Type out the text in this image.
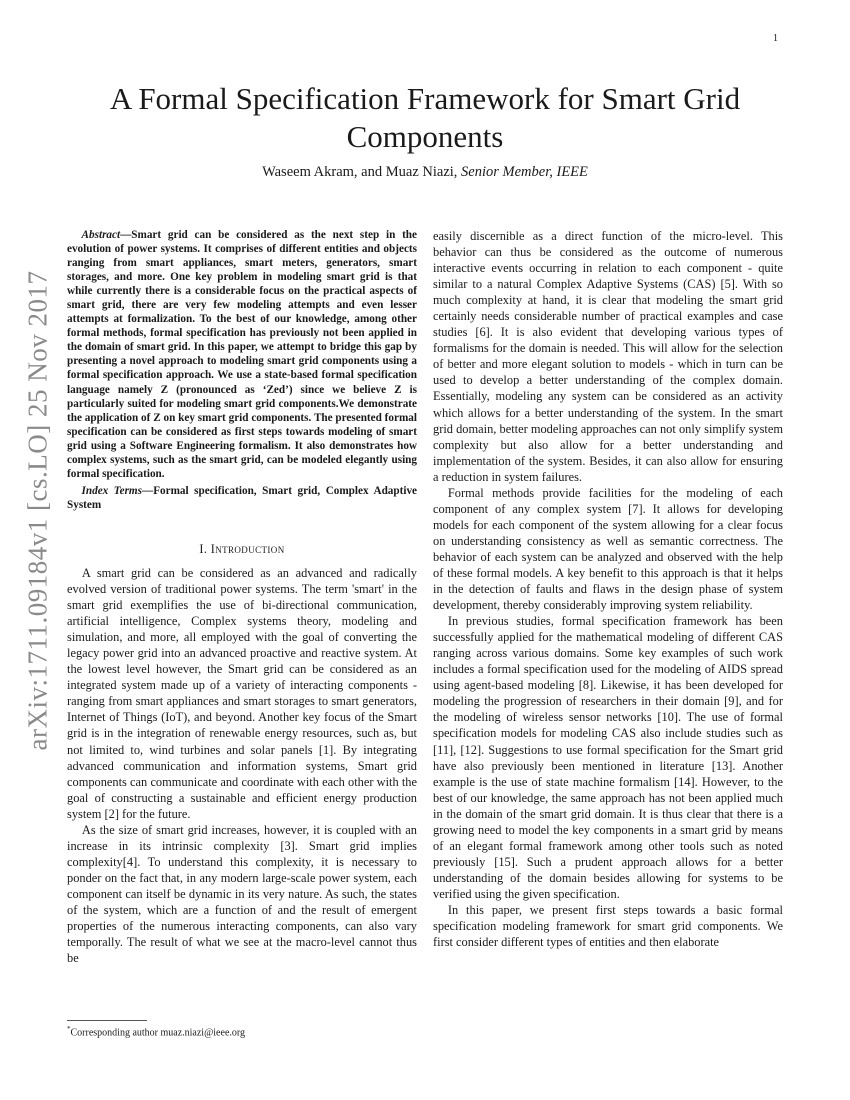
1
arXiv:1711.09184v1 [cs.LO] 25 Nov 2017
A Formal Specification Framework for Smart Grid Components
Waseem Akram, and Muaz Niazi, Senior Member, IEEE

Abstract—Smart grid can be considered as the next step in the evolution of power systems. It comprises of different entities and objects ranging from smart appliances, smart meters, generators, smart storages, and more. One key problem in modeling smart grid is that while currently there is a considerable focus on the practical aspects of smart grid, there are very few modeling attempts and even lesser attempts at formalization. To the best of our knowledge, among other formal methods, formal specification has previously not been applied in the domain of smart grid. In this paper, we attempt to bridge this gap by presenting a novel approach to modeling smart grid components using a formal specification approach. We use a state-based formal specification language namely Z (pronounced as ‘Zed’) since we believe Z is particularly suited for modeling smart grid components.We demonstrate the application of Z on key smart grid components. The presented formal specification can be considered as first steps towards modeling of smart grid using a Software Engineering formalism. It also demonstrates how complex systems, such as the smart grid, can be modeled elegantly using formal specification.

Index Terms—Formal specification, Smart grid, Complex Adaptive System

I. Introduction

A smart grid can be considered as an advanced and radically evolved version of traditional power systems. The term 'smart' in the smart grid exemplifies the use of bi-directional communication, artificial intelligence, Complex systems theory, modeling and simulation, and more, all employed with the goal of converting the legacy power grid into an advanced proactive and reactive system. At the lowest level however, the Smart grid can be considered as an integrated system made up of a variety of interacting components - ranging from smart appliances and smart storages to smart generators, Internet of Things (IoT), and beyond. Another key focus of the Smart grid is in the integration of renewable energy resources, such as, but not limited to, wind turbines and solar panels [1]. By integrating advanced communication and information systems, Smart grid components can communicate and coordinate with each other with the goal of constructing a sustainable and efficient energy production system [2] for the future.

As the size of smart grid increases, however, it is coupled with an increase in its intrinsic complexity [3]. Smart grid implies complexity[4]. To understand this complexity, it is necessary to ponder on the fact that, in any modern large-scale power system, each component can itself be dynamic in its very nature. As such, the states of the system, which are a function of and the result of emergent properties of the numerous interacting components, can also vary temporally. The result of what we see at the macro-level cannot thus be

easily discernible as a direct function of the micro-level. This behavior can thus be considered as the outcome of numerous interactive events occurring in relation to each component - quite similar to a natural Complex Adaptive Systems (CAS) [5]. With so much complexity at hand, it is clear that modeling the smart grid certainly needs considerable number of practical examples and case studies [6]. It is also evident that developing various types of formalisms for the domain is needed. This will allow for the selection of better and more elegant solution to models - which in turn can be used to develop a better understanding of the complex domain. Essentially, modeling any system can be considered as an activity which allows for a better understanding of the system. In the smart grid domain, better modeling approaches can not only simplify system complexity but also allow for a better understanding and implementation of the system. Besides, it can also allow for ensuring a reduction in system failures.

Formal methods provide facilities for the modeling of each component of any complex system [7]. It allows for developing models for each component of the system allowing for a clear focus on understanding consistency as well as semantic correctness. The behavior of each system can be analyzed and observed with the help of these formal models. A key benefit to this approach is that it helps in the detection of faults and flaws in the design phase of system development, thereby considerably improving system reliability.

In previous studies, formal specification framework has been successfully applied for the mathematical modeling of different CAS ranging across various domains. Some key examples of such work includes a formal specification used for the modeling of AIDS spread using agent-based modeling [8]. Likewise, it has been developed for modeling the progression of researchers in their domain [9], and for the modeling of wireless sensor networks [10]. The use of formal specification models for modeling CAS also include studies such as [11], [12]. Suggestions to use formal specification for the Smart grid have also previously been mentioned in literature [13]. Another example is the use of state machine formalism [14]. However, to the best of our knowledge, the same approach has not been applied much in the domain of the smart grid domain. It is thus clear that there is a growing need to model the key components in a smart grid by means of an elegant formal framework among other tools such as noted previously [15]. Such a prudent approach allows for a better understanding of the domain besides allowing for systems to be verified using the given specification.

In this paper, we present first steps towards a basic formal specification modeling framework for smart grid components. We first consider different types of entities and then elaborate

*Corresponding author muaz.niazi@ieee.org
